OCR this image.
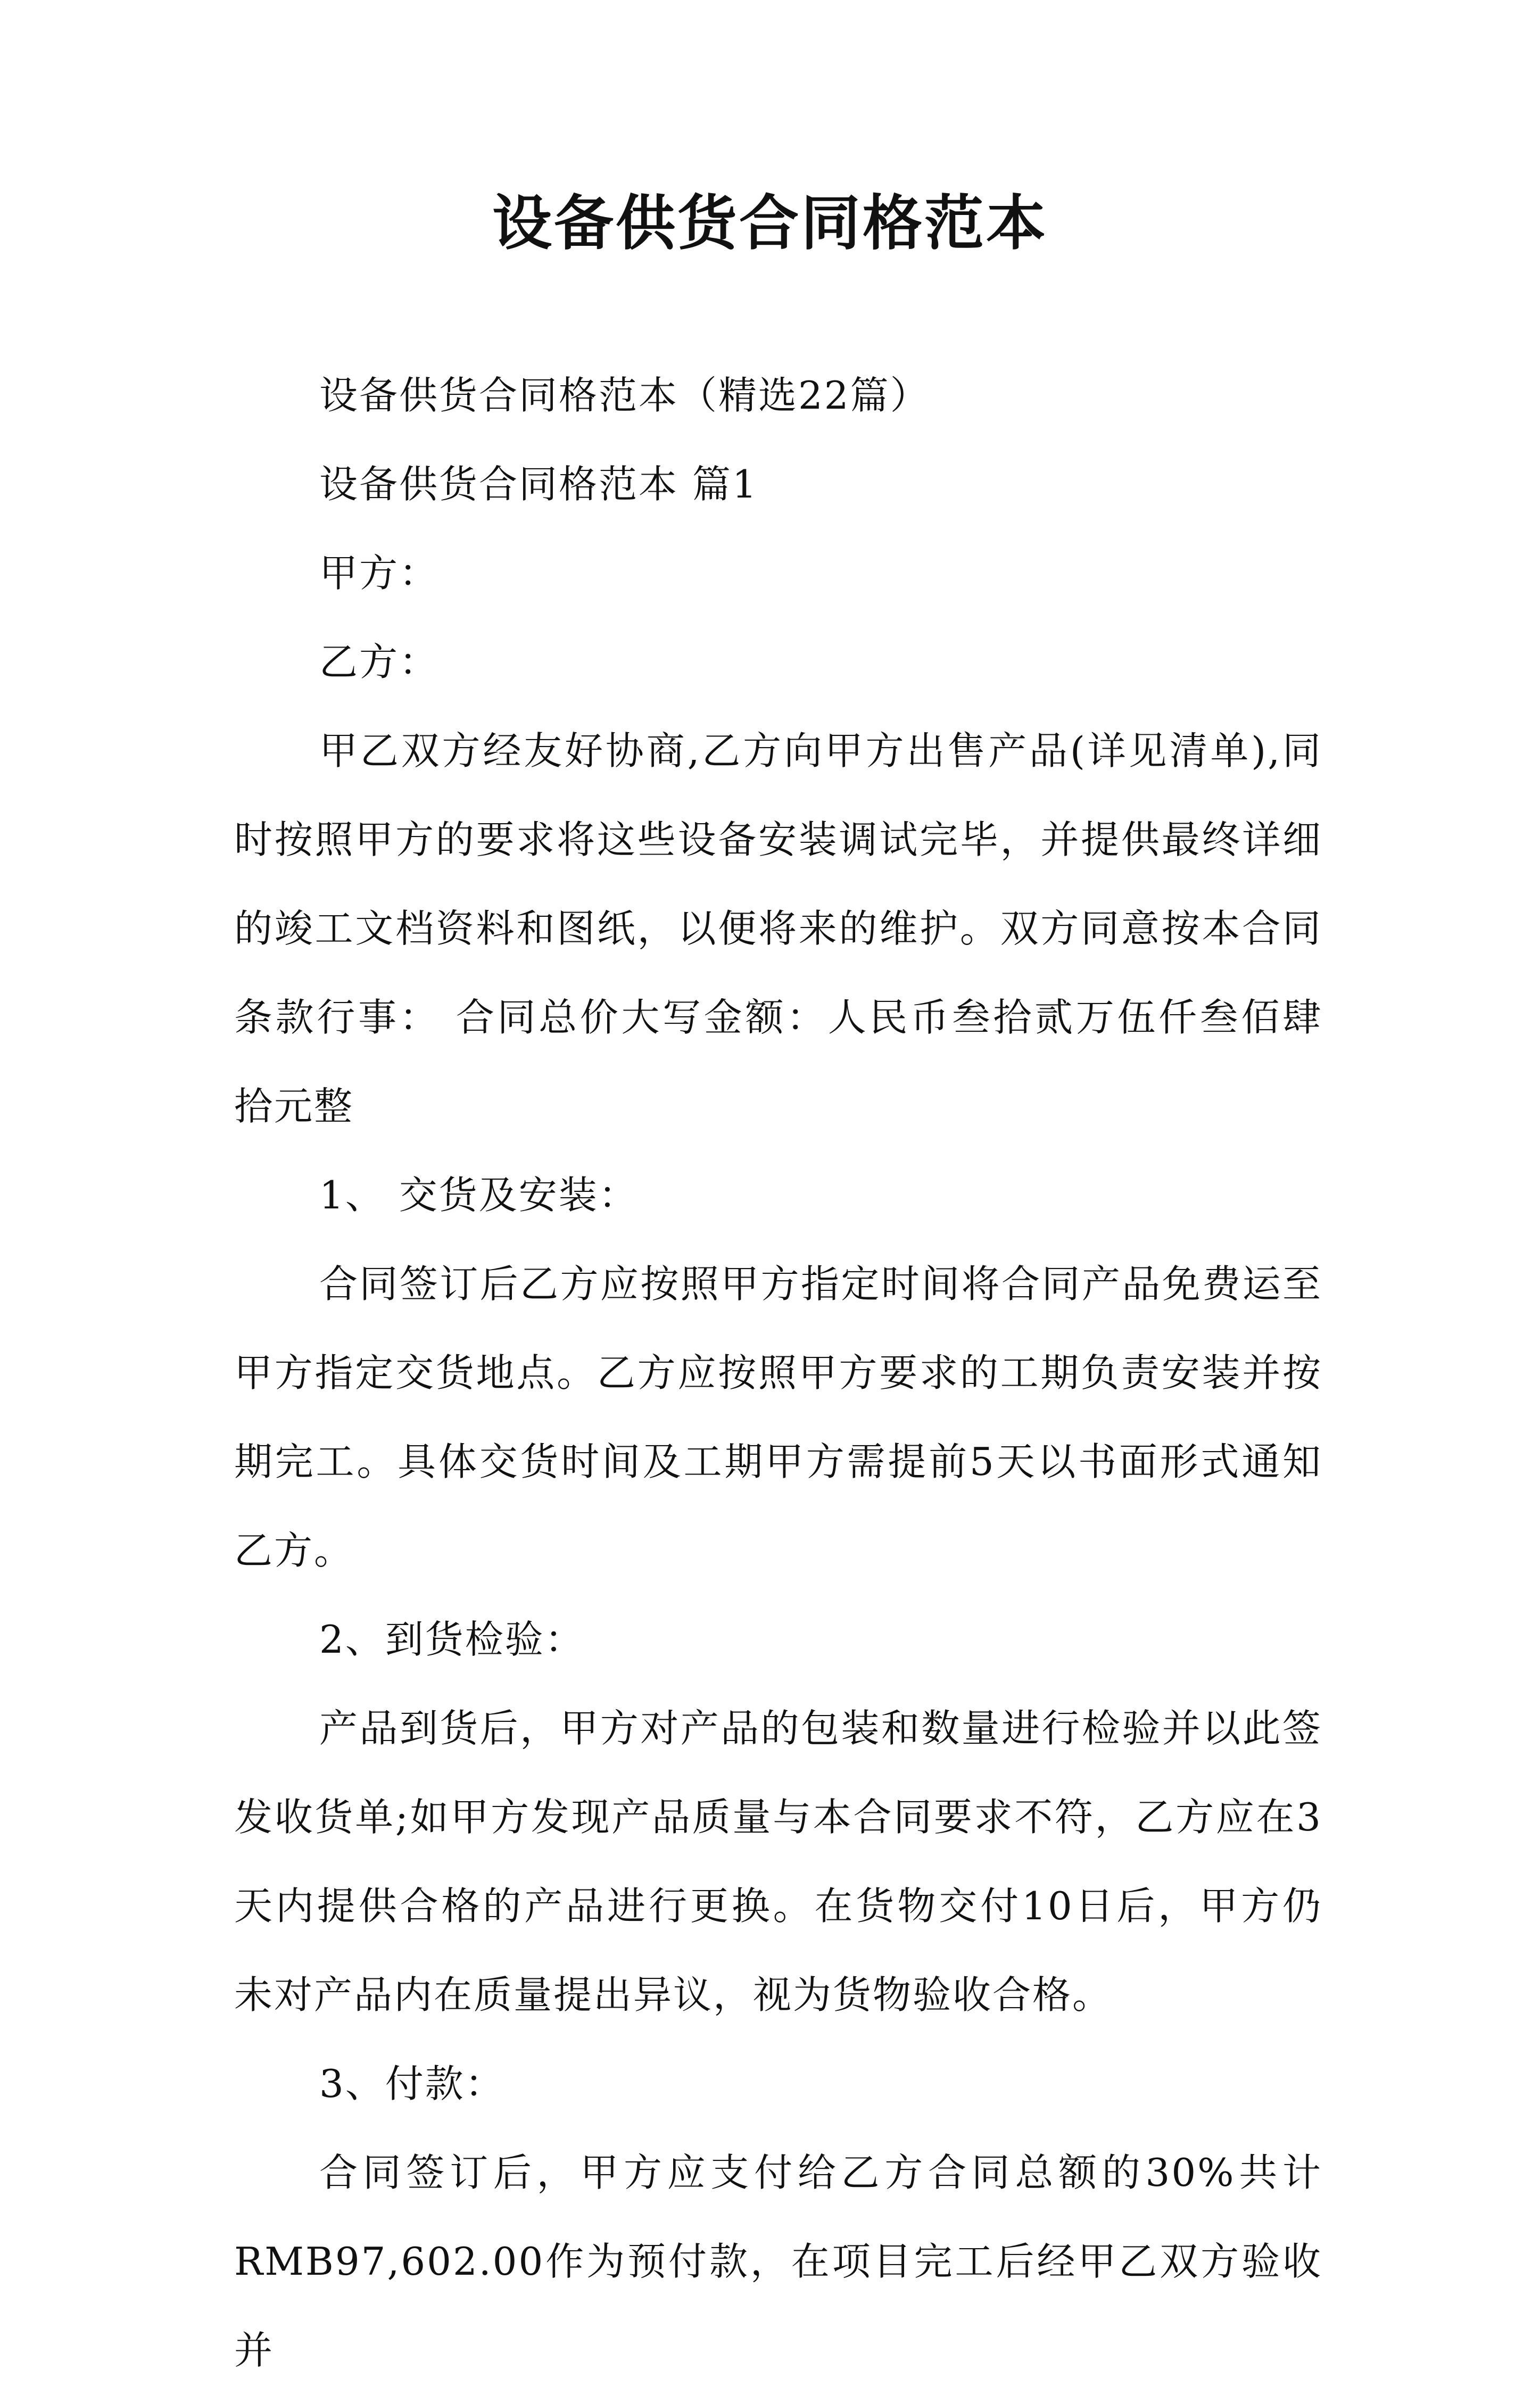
设备供货合同格范本

设备供货合同格范本（精选22篇）

设备供货合同格范本 篇1

甲方：

乙方：

甲乙双方经友好协商,乙方向甲方出售产品(详见清单),同时按照甲方的要求将这些设备安装调试完毕，并提供最终详细的竣工文档资料和图纸，以便将来的维护。双方同意按本合同条款行事： 合同总价大写金额：人民币叁拾贰万伍仟叁佰肆拾元整

1、 交货及安装：

合同签订后乙方应按照甲方指定时间将合同产品免费运至甲方指定交货地点。乙方应按照甲方要求的工期负责安装并按期完工。具体交货时间及工期甲方需提前5天以书面形式通知乙方。

2、到货检验：

产品到货后，甲方对产品的包装和数量进行检验并以此签发收货单;如甲方发现产品质量与本合同要求不符，乙方应在3天内提供合格的产品进行更换。在货物交付10日后，甲方仍未对产品内在质量提出异议，视为货物验收合格。

3、付款：

合同签订后，甲方应支付给乙方合同总额的30%共计RMB97,602.00作为预付款，在项目完工后经甲乙双方验收并
